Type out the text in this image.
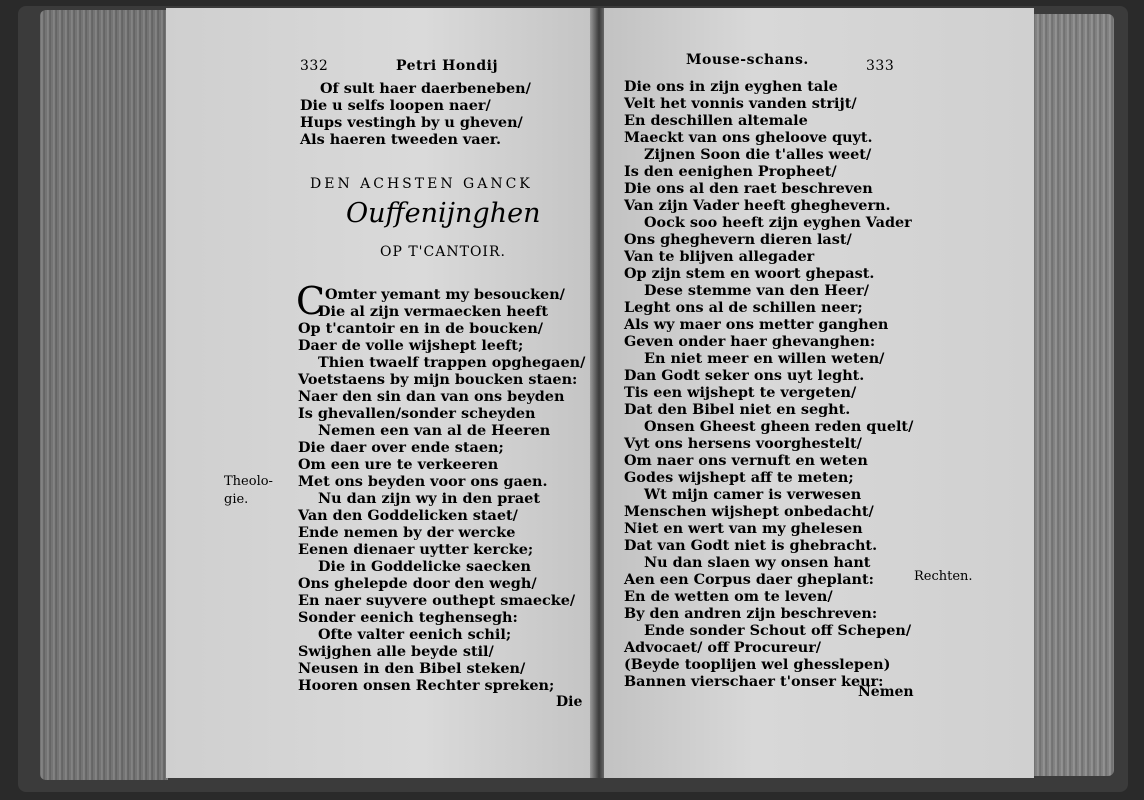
332	Petri Hondij
Of sult haer daerbeneben/
Die u selfs loopen naer/
Hups vestingh by u gheven/
Als haeren tweeden vaer.
DEN ACHSTEN GANCK
Ouffenijnghen
OP T'CANTOIR.
C Omter yemant my besoucken/
Die al zijn vermaecken heeft
Op t'cantoir en in de boucken/
Daer de volle wijshept leeft;
Thien twaelf trappen opghegaen/
Voetstaens by mijn boucken staen:
Naer den sin dan van ons beyden
Is ghevallen/sonder scheyden
Nemen een van al de Heeren
Die daer over ende staen;
Om een ure te verkeeren
Met ons beyden voor ons gaen.
Nu dan zijn wy in den praet
Van den Goddelicken staet/
Ende nemen by der wercke
Eenen dienaer uytter kercke;
Die in Goddelicke saecken
Ons ghelepde door den wegh/
En naer suyvere outhept smaecke/
Sonder eenich teghensegh:
Ofte valter eenich schil;
Swijghen alle beyde stil/
Neusen in den Bibel steken/
Hooren onsen Rechter spreken;
Theolo-
gie.
Die
Mouse-schans.	333
Die ons in zijn eyghen tale
Velt het vonnis vanden strijt/
En deschillen altemale
Maeckt van ons gheloove quyt.
Zijnen Soon die t'alles weet/
Is den eenighen Propheet/
Die ons al den raet beschreven
Van zijn Vader heeft gheghevern.
Oock soo heeft zijn eyghen Vader
Ons gheghevern dieren last/
Van te blijven allegader
Op zijn stem en woort ghepast.
Dese stemme van den Heer/
Leght ons al de schillen neer;
Als wy maer ons metter ganghen
Geven onder haer ghevanghen:
En niet meer en willen weten/
Dan Godt seker ons uyt leght.
Tis een wijshept te vergeten/
Dat den Bibel niet en seght.
Onsen Gheest gheen reden quelt/
Vyt ons hersens voorghestelt/
Om naer ons vernuft en weten
Godes wijshept aff te meten;
Wt mijn camer is verwesen
Menschen wijshept onbedacht/
Niet en wert van my ghelesen
Dat van Godt niet is ghebracht.
Nu dan slaen wy onsen hant
Aen een Corpus daer gheplant:
En de wetten om te leven/
By den andren zijn beschreven:
Ende sonder Schout off Schepen/
Advocaet/ off Procureur/
(Beyde tooplijen wel ghesslepen)
Bannen vierschaer t'onser keur:
Rechten.
Nemen
